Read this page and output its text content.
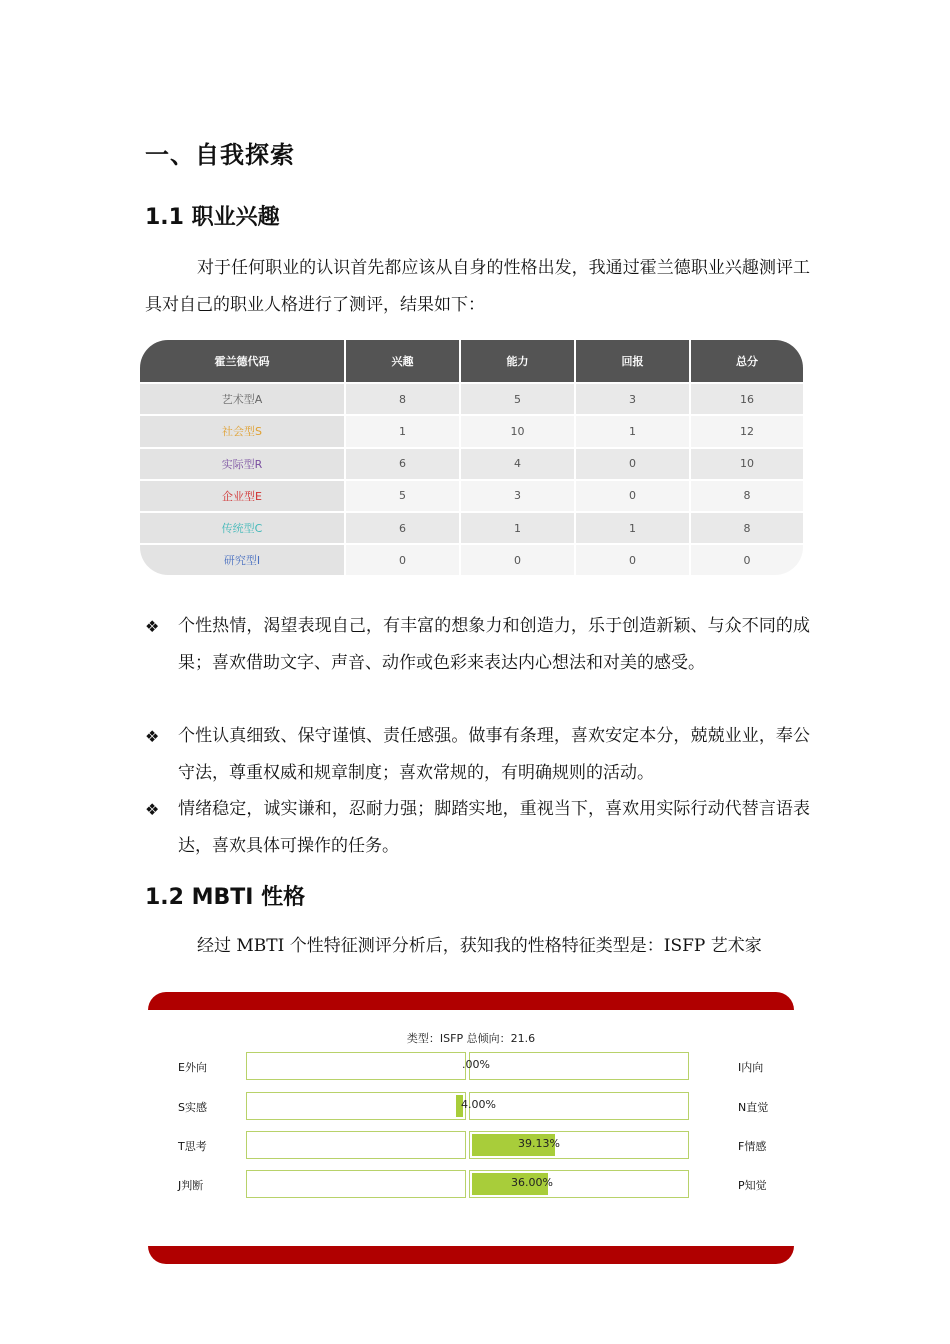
一、自我探索
1.1 职业兴趣
对于任何职业的认识首先都应该从自身的性格出发，我通过霍兰德职业兴趣测评工具对自己的职业人格进行了测评，结果如下：
霍兰德代码	兴趣	能力	回报	总分
艺术型A	8	5	3	16
社会型S	1	10	1	12
实际型R	6	4	0	10
企业型E	5	3	0	8
传统型C	6	1	1	8
研究型I	0	0	0	0
❖	个性热情，渴望表现自己，有丰富的想象力和创造力，乐于创造新颖、与众不同的成果；喜欢借助文字、声音、动作或色彩来表达内心想法和对美的感受。
❖	个性认真细致、保守谨慎、责任感强。做事有条理，喜欢安定本分，兢兢业业，奉公守法，尊重权威和规章制度；喜欢常规的，有明确规则的活动。
❖	情绪稳定，诚实谦和，忍耐力强；脚踏实地，重视当下，喜欢用实际行动代替言语表达，喜欢具体可操作的任务。
1.2 MBTI 性格
经过 MBTI 个性特征测评分析后，获知我的性格特征类型是：ISFP 艺术家
类型：ISFP 总倾向：21.6
E外向	.00%	I内向
S实感	4.00%	N直觉
T思考	39.13%	F情感
J判断	36.00%	P知觉
